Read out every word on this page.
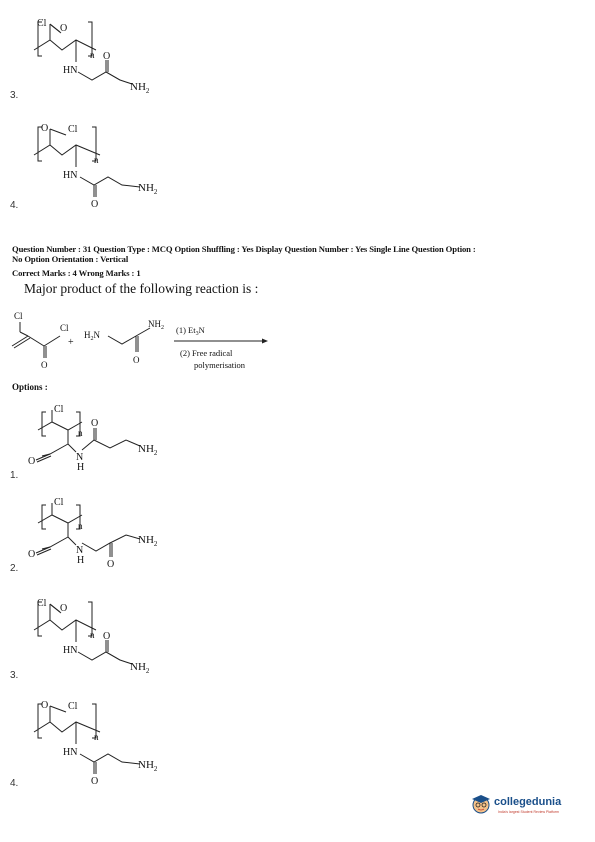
Cl O
n
HN
O
$NH_2$
3.
O Cl
n
HN
O
$NH_2$
4.
Question Number : 31 Question Type : MCQ Option Shuffling : Yes Display Question Number : Yes Single Line Question Option :
No Option Orientation : Vertical
Correct Marks : 4 Wrong Marks : 1
Major product of the following reaction is :
Cl
Cl
O
+
$H_2N$
$NH_2$
O
(1) $Et_3N$
(2) Free radical
polymerisation
Options :
Cl
n
O
O
N
H
$NH_2$
1.
Cl
n
O
O
N
H
$NH_2$
2.
Cl O
n
HN
O
$NH_2$
3.
O Cl
n
HN
O
$NH_2$
4.
collegedunia
India's largest Student Review Platform
